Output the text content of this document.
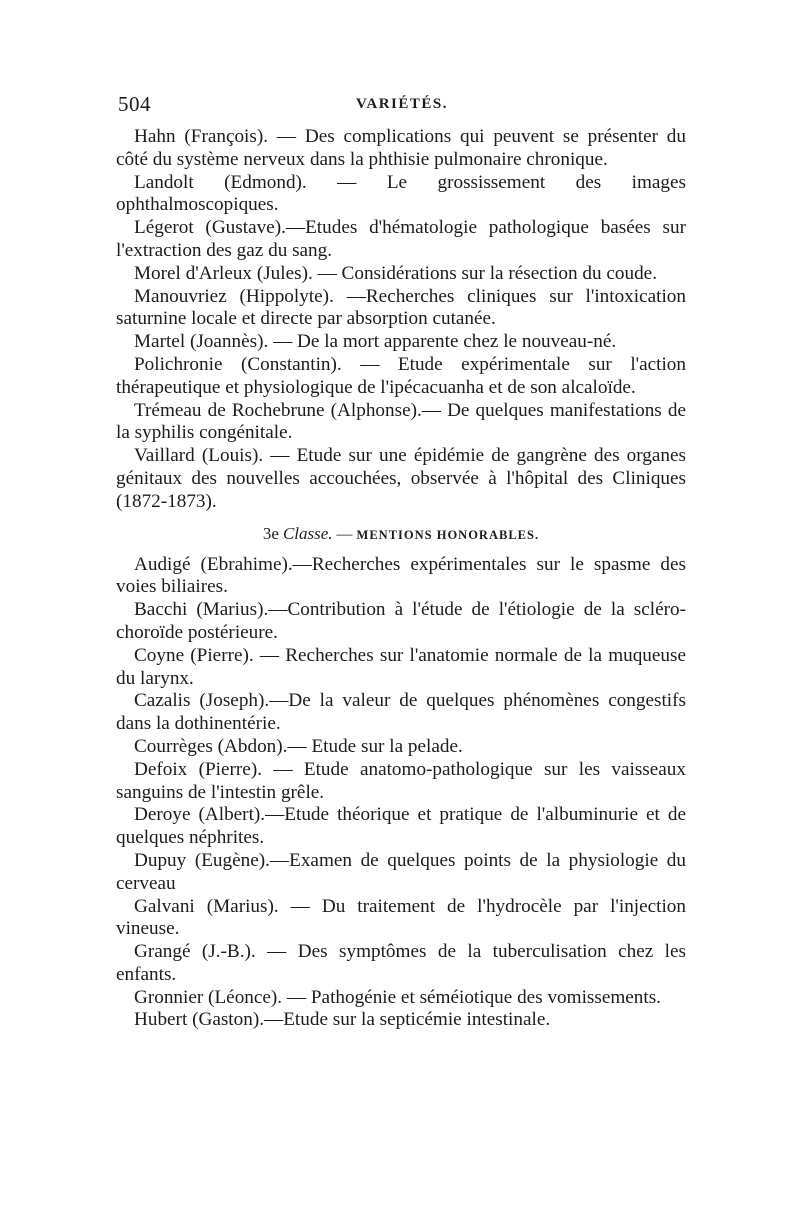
504	VARIÉTÉS.

Hahn (François). — Des complications qui peuvent se présenter du côté du système nerveux dans la phthisie pulmonaire chronique.

Landolt (Edmond). — Le grossissement des images ophthalmoscopiques.

Légerot (Gustave).—Etudes d'hématologie pathologique basées sur l'extraction des gaz du sang.

Morel d'Arleux (Jules). — Considérations sur la résection du coude.

Manouvriez (Hippolyte). —Recherches cliniques sur l'intoxication saturnine locale et directe par absorption cutanée.

Martel (Joannès). — De la mort apparente chez le nouveau-né.

Polichronie (Constantin). — Etude expérimentale sur l'action thérapeutique et physiologique de l'ipécacuanha et de son alcaloïde.

Trémeau de Rochebrune (Alphonse).— De quelques manifestations de la syphilis congénitale.

Vaillard (Louis). — Etude sur une épidémie de gangrène des organes génitaux des nouvelles accouchées, observée à l'hôpital des Cliniques (1872-1873).

3e Classe. — MENTIONS HONORABLES.

Audigé (Ebrahime).—Recherches expérimentales sur le spasme des voies biliaires.

Bacchi (Marius).—Contribution à l'étude de l'étiologie de la scléro-choroïde postérieure.

Coyne (Pierre). — Recherches sur l'anatomie normale de la muqueuse du larynx.

Cazalis (Joseph).—De la valeur de quelques phénomènes congestifs dans la dothinentérie.

Courrèges (Abdon).— Etude sur la pelade.

Defoix (Pierre). — Etude anatomo-pathologique sur les vaisseaux sanguins de l'intestin grêle.

Deroye (Albert).—Etude théorique et pratique de l'albuminurie et de quelques néphrites.

Dupuy (Eugène).—Examen de quelques points de la physiologie du cerveau

Galvani (Marius). — Du traitement de l'hydrocèle par l'injection vineuse.

Grangé (J.-B.). — Des symptômes de la tuberculisation chez les enfants.

Gronnier (Léonce). — Pathogénie et séméiotique des vomissements.

Hubert (Gaston).—Etude sur la septicémie intestinale.
